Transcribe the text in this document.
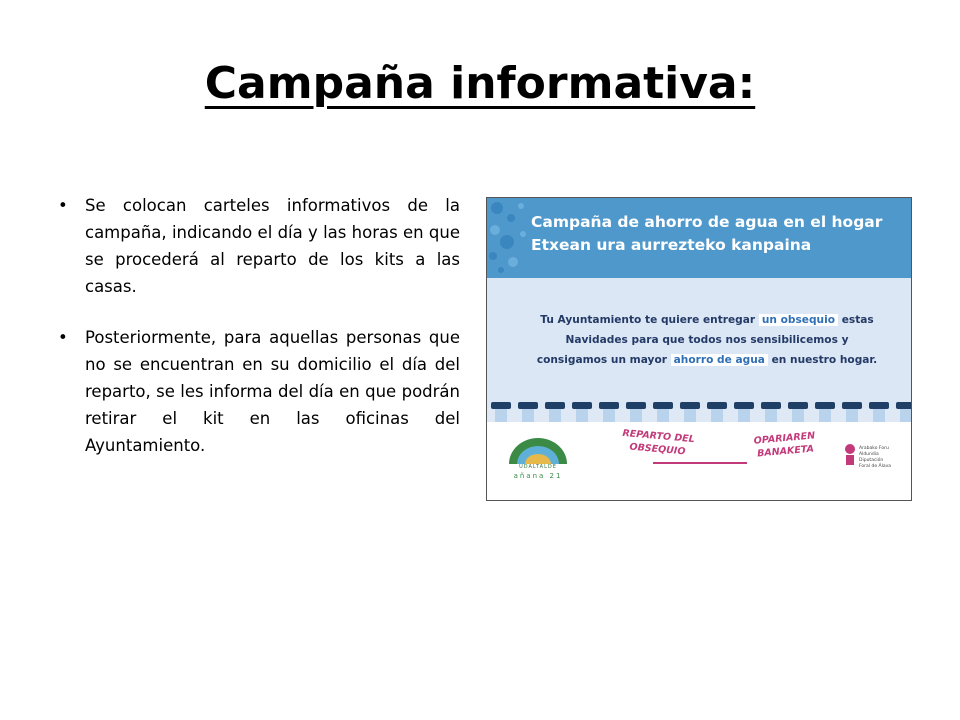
Campaña informativa:
• Se colocan carteles informativos de la campaña, indicando el día y las horas en que se procederá al reparto de los kits a las casas.
• Posteriormente, para aquellas personas que no se encuentran en su domicilio el día del reparto, se les informa del día en que podrán retirar el kit en las oficinas del Ayuntamiento.
Campaña de ahorro de agua en el hogar
Etxean ura aurrezteko kanpaina
Tu Ayuntamiento te quiere entregar un obsequio estas
Navidades para que todos nos sensibilicemos y
consigamos un mayor ahorro de agua en nuestro hogar.
UDALTALDE
añana 21
REPARTO DEL
OBSEQUIO
OPARIAREN
BANAKETA	Arabako Foru
Aldundia
Diputación
Foral de Álava
